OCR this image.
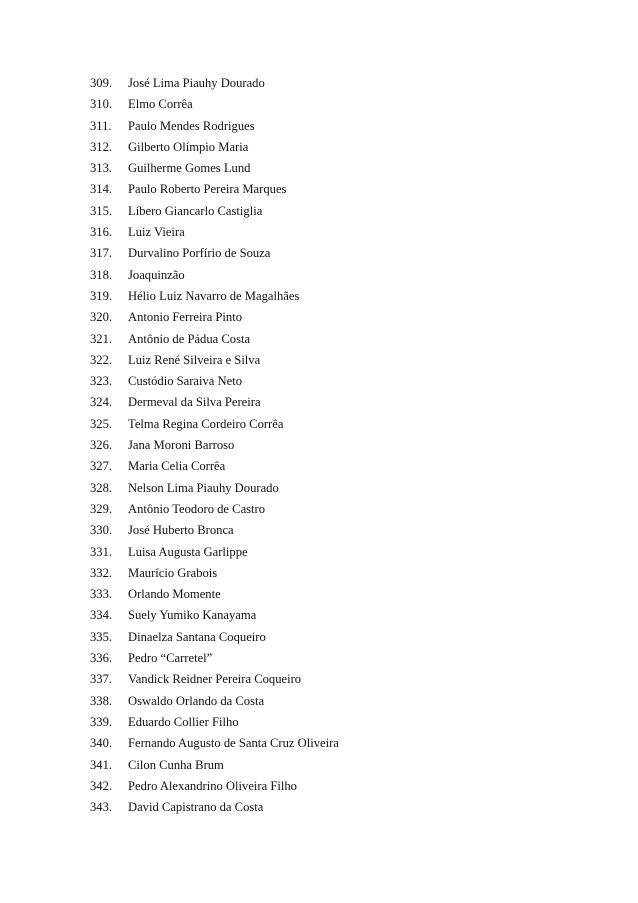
309.	José Lima Piauhy Dourado
310.	Elmo Corrêa
311.	Paulo Mendes Rodrigues
312.	Gilberto Olímpio Maria
313.	Guilherme Gomes Lund
314.	Paulo Roberto Pereira Marques
315.	Líbero Giancarlo Castiglia
316.	Luiz Vieira
317.	Durvalino Porfírio de Souza
318.	Joaquinzão
319.	Hélio Luiz Navarro de Magalhães
320.	Antonio Ferreira Pinto
321.	Antônio de Pádua Costa
322.	Luiz René Silveira e Silva
323.	Custódio Saraiva Neto
324.	Dermeval da Silva Pereira
325.	Telma Regina Cordeiro Corrêa
326.	Jana Moroni Barroso
327.	Maria Celia Corrêa
328.	Nelson Lima Piauhy Dourado
329.	Antônio Teodoro de Castro
330.	José Huberto Bronca
331.	Luisa Augusta Garlippe
332.	Maurício Grabois
333.	Orlando Momente
334.	Suely Yumiko Kanayama
335.	Dinaelza Santana Coqueiro
336.	Pedro “Carretel”
337.	Vandick Reidner Pereira Coqueiro
338.	Oswaldo Orlando da Costa
339.	Eduardo Collier Filho
340.	Fernando Augusto de Santa Cruz Oliveira
341.	Cilon Cunha Brum
342.	Pedro Alexandrino Oliveira Filho
343.	David Capistrano da Costa
